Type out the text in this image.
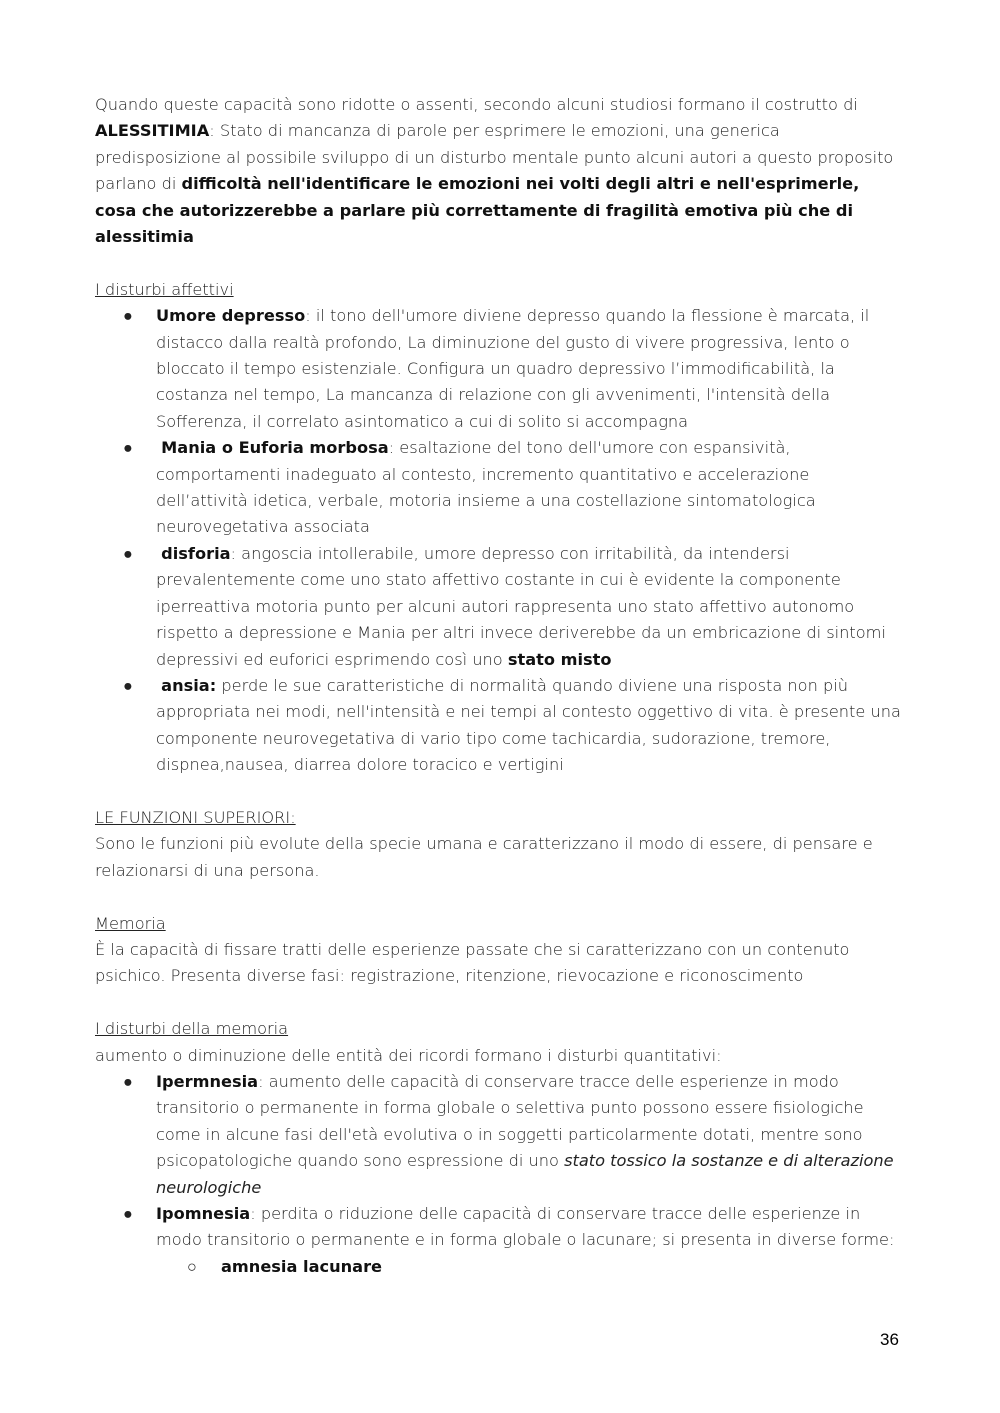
Quando queste capacità sono ridotte o assenti, secondo alcuni studiosi formano il costrutto di ALESSITIMIA: Stato di mancanza di parole per esprimere le emozioni, una generica predisposizione al possibile sviluppo di un disturbo mentale punto alcuni autori a questo proposito parlano di difficoltà nell'identificare le emozioni nei volti degli altri e nell'esprimerle, cosa che autorizzerebbe a parlare più correttamente di fragilità emotiva più che di alessitimia

I disturbi affettivi

● Umore depresso: il tono dell'umore diviene depresso quando la flessione è marcata, il distacco dalla realtà profondo, La diminuzione del gusto di vivere progressiva, lento o bloccato il tempo esistenziale. Configura un quadro depressivo l’immodificabilità, la costanza nel tempo, La mancanza di relazione con gli avvenimenti, l'intensità della Sofferenza, il correlato asintomatico a cui di solito si accompagna
● Mania o Euforia morbosa: esaltazione del tono dell'umore con espansività, comportamenti inadeguato al contesto, incremento quantitativo e accelerazione dell’attività idetica, verbale, motoria insieme a una costellazione sintomatologica neurovegetativa associata
● disforia: angoscia intollerabile, umore depresso con irritabilità, da intendersi prevalentemente come uno stato affettivo costante in cui è evidente la componente iperreattiva motoria punto per alcuni autori rappresenta uno stato affettivo autonomo rispetto a depressione e Mania per altri invece deriverebbe da un embricazione di sintomi depressivi ed euforici esprimendo così uno stato misto
● ansia: perde le sue caratteristiche di normalità quando diviene una risposta non più appropriata nei modi, nell'intensità e nei tempi al contesto oggettivo di vita. è presente una componente neurovegetativa di vario tipo come tachicardia, sudorazione, tremore, dispnea,nausea, diarrea dolore toracico e vertigini

LE FUNZIONI SUPERIORI:

Sono le funzioni più evolute della specie umana e caratterizzano il modo di essere, di pensare e relazionarsi di una persona.

Memoria

È la capacità di fissare tratti delle esperienze passate che si caratterizzano con un contenuto psichico. Presenta diverse fasi: registrazione, ritenzione, rievocazione e riconoscimento

I disturbi della memoria

aumento o diminuzione delle entità dei ricordi formano i disturbi quantitativi:

● Ipermnesia: aumento delle capacità di conservare tracce delle esperienze in modo transitorio o permanente in forma globale o selettiva punto possono essere fisiologiche come in alcune fasi dell'età evolutiva o in soggetti particolarmente dotati, mentre sono psicopatologiche quando sono espressione di uno stato tossico la sostanze e di alterazione neurologiche
● Ipomnesia: perdita o riduzione delle capacità di conservare tracce delle esperienze in modo transitorio o permanente e in forma globale o lacunare; si presenta in diverse forme:
○ amnesia lacunare
36
